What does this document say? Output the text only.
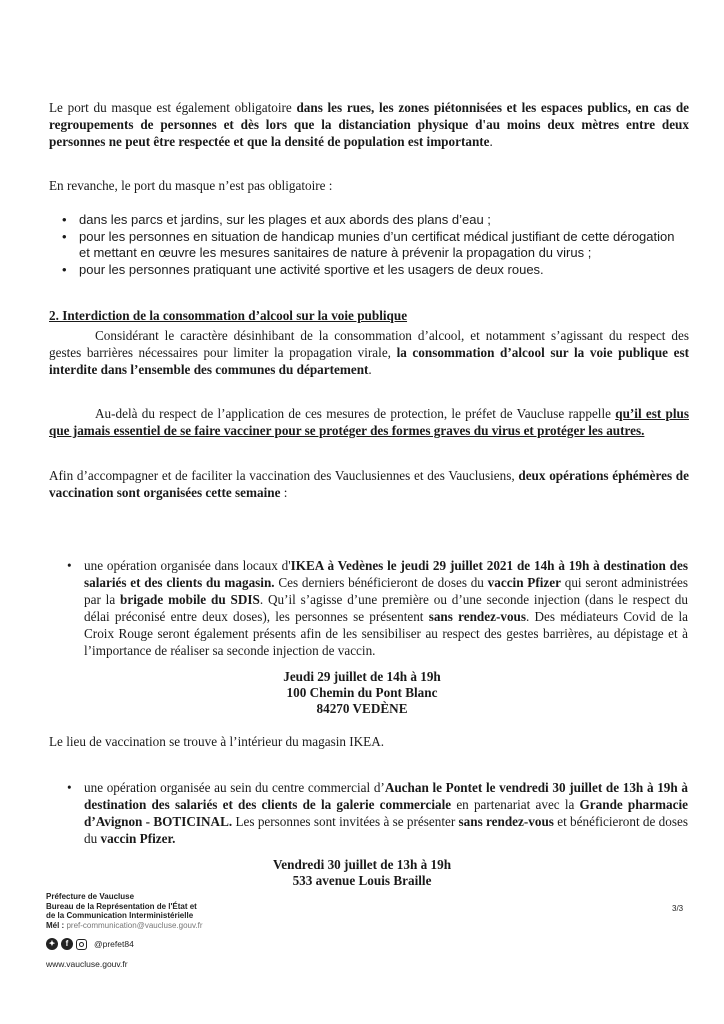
Le port du masque est également obligatoire dans les rues, les zones piétonnisées et les espaces publics, en cas de regroupements de personnes et dès lors que la distanciation physique d'au moins deux mètres entre deux personnes ne peut être respectée et que la densité de population est importante.

En revanche, le port du masque n’est pas obligatoire :

• dans les parcs et jardins, sur les plages et aux abords des plans d’eau ;
• pour les personnes en situation de handicap munies d’un certificat médical justifiant de cette dérogation et mettant en œuvre les mesures sanitaires de nature à prévenir la propagation du virus ;
• pour les personnes pratiquant une activité sportive et les usagers de deux roues.

2. Interdiction de la consommation d’alcool sur la voie publique

Considérant le caractère désinhibant de la consommation d’alcool, et notamment s’agissant du respect des gestes barrières nécessaires pour limiter la propagation virale, la consommation d’alcool sur la voie publique est interdite dans l’ensemble des communes du département.

Au-delà du respect de l’application de ces mesures de protection, le préfet de Vaucluse rappelle qu’il est plus que jamais essentiel de se faire vacciner pour se protéger des formes graves du virus et protéger les autres.

Afin d’accompagner et de faciliter la vaccination des Vauclusiennes et des Vauclusiens, deux opérations éphémères de vaccination sont organisées cette semaine :

• une opération organisée dans locaux d'IKEA à Vedènes le jeudi 29 juillet 2021 de 14h à 19h à destination des salariés et des clients du magasin. Ces derniers bénéficieront de doses du vaccin Pfizer qui seront administrées par la brigade mobile du SDIS. Qu’il s’agisse d’une première ou d’une seconde injection (dans le respect du délai préconisé entre deux doses), les personnes se présentent sans rendez-vous. Des médiateurs Covid de la Croix Rouge seront également présents afin de les sensibiliser au respect des gestes barrières, au dépistage et à l’importance de réaliser sa seconde injection de vaccin.
Jeudi 29 juillet de 14h à 19h
100 Chemin du Pont Blanc
84270 VEDÈNE

Le lieu de vaccination se trouve à l’intérieur du magasin IKEA.

• une opération organisée au sein du centre commercial d’Auchan le Pontet le vendredi 30 juillet de 13h à 19h à destination des salariés et des clients de la galerie commerciale en partenariat avec la Grande pharmacie d’Avignon - BOTICINAL. Les personnes sont invitées à se présenter sans rendez-vous et bénéficieront de doses du vaccin Pfizer.
Vendredi 30 juillet de 13h à 19h
533 avenue Louis Braille
Préfecture de Vaucluse
Bureau de la Représentation de l'État et
de la Communication Interministérielle
Mél : pref-communication@vaucluse.gouv.fr
✦	f	@prefet84
www.vaucluse.gouv.fr
3/3
